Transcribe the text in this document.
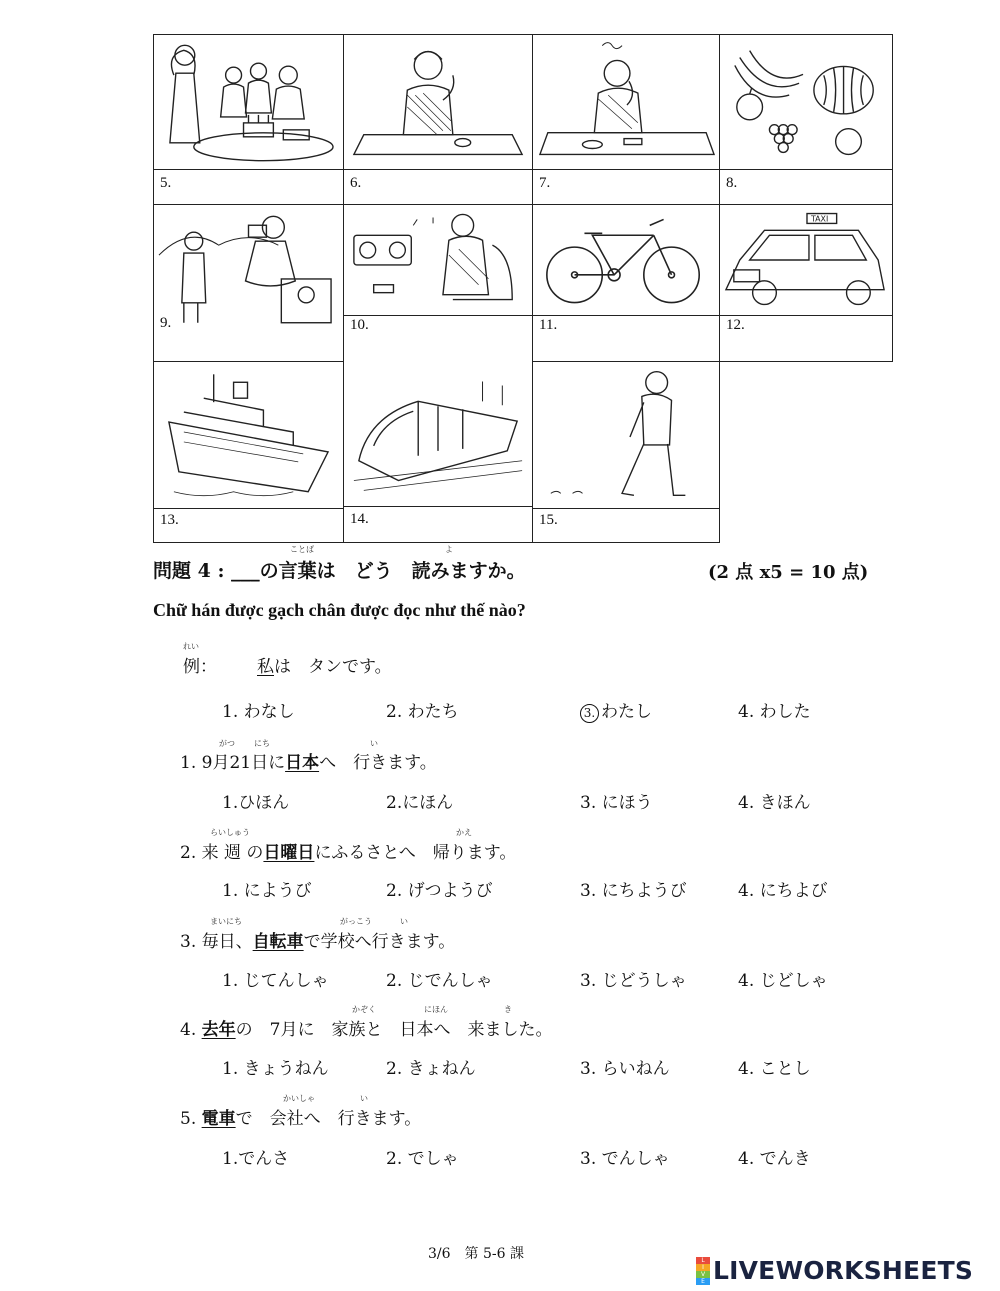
5.	6.	7.	8.
9.	10.	11.
TAXI
12.
13.	14.	15.
ことば	よ
問題 4 : ___の言葉は　どう　読みますか。	(2 点 x5 = 10 点)
Chữ hán được gạch chân được đọc như thế nào?
れい
例： 私は　タンです。
1. わなし	2. わたち	3. わたし	4. わした
がつ にち	い
1. 9月21日に日本へ　行きます。
1.ひほん	2.にほん	3. にほう	4. きほん
らいしゅう	かえ
2. 来 週 の日曜日にふるさとへ　帰ります。
1. にようび	2. げつようび	3. にちようび	4. にちよび
まいにち	がっこう	い
3. 毎日、自転車で学校へ行きます。
1. じてんしゃ	2. じでんしゃ	3. じどうしゃ	4. じどしゃ
かぞく	にほん	き
4. 去年の　7月に　家族と　日本へ　来ました。
1. きょうねん	2. きょねん	3. らいねん	4. ことし
かいしゃ	い
5. 電車で　会社へ　行きます。
1.でんさ	2. でしゃ	3. でんしゃ	4. でんき
3/6　第 5-6 課	L
I
V
E LIVEWORKSHEETS
